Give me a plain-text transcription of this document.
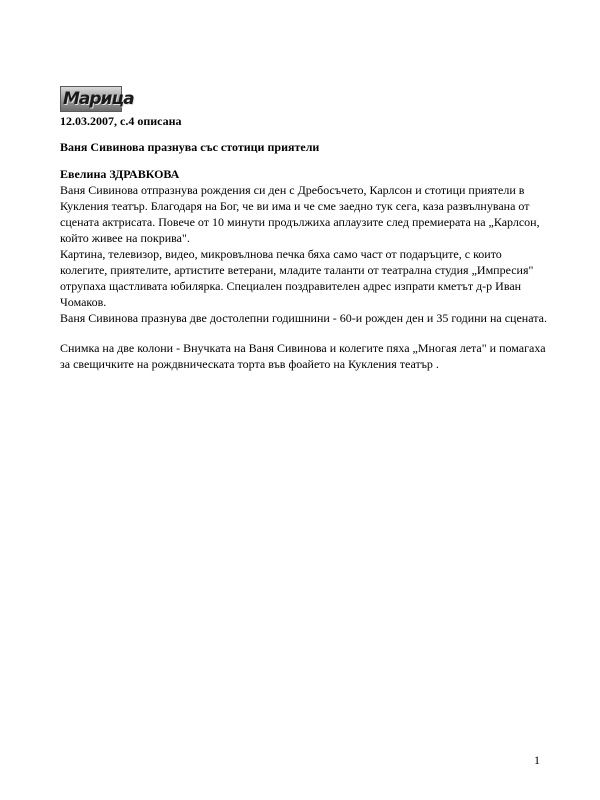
Марица
12.03.2007, с.4 описана
Ваня Сивинова празнува със стотици приятели
Евелина ЗДРАВКОВА

Ваня Сивинова отпразнува рождения си ден с Дребосъчето, Карлсон и стотици приятели в Кукления театър. Благодаря на Бог, че ви има и че сме заедно тук сега, каза развълнувана от сцената актрисата. Повече от 10 минути продължиха аплаузите след премиерата на „Карлсон, който живее на покрива".

Картина, телевизор, видео, микровълнова печка бяха само част от подаръците, с които колегите, приятелите, артистите ветерани, младите таланти от театрална студия „Импресия" отрупаха щастливата юбилярка. Специален поздравителен адрес изпрати кметът д-р Иван Чомаков.

Ваня Сивинова празнува две достолепни годишнини - 60-и рожден ден и 35 години на сцената.

Снимка на две колони - Внучката на Ваня Сивинова и колегите пяха „Многая лета" и помагаха за свещичките на рождвническата торта във фоайето на Кукления театър .

1
